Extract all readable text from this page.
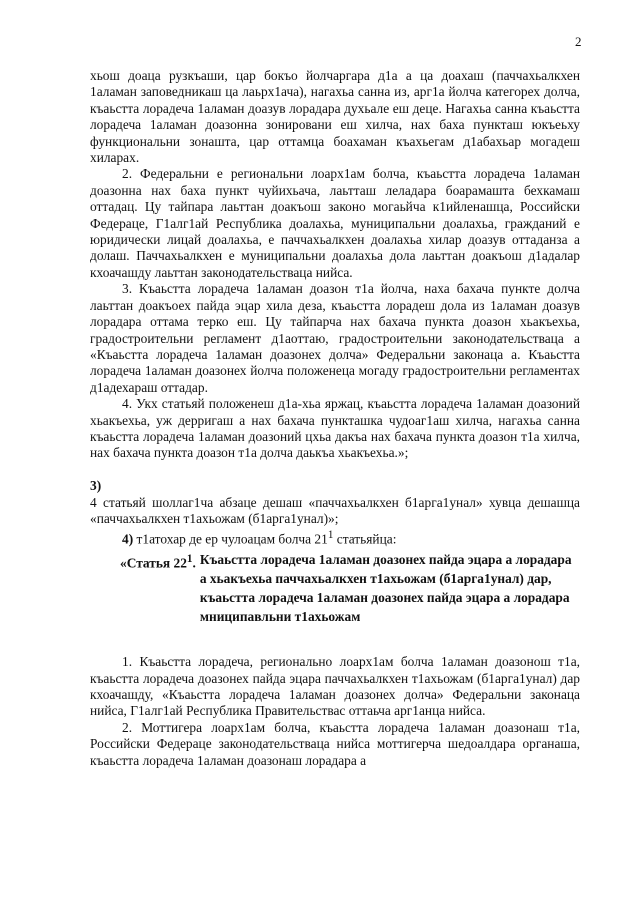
2

хьош доаца рузкъаши, цар бокъо йолчаргара д1а а ца доахаш (паччахьалкхен 1аламан заповедникаш ца лаьрх1ача), нагахьа санна из, арг1а йолча категорех долча, къаьстта лорадеча 1аламан доазув лорадара духьале еш деце. Нагахьа санна къаьстта лорадеча 1аламан доазонна зонировани еш хилча, нах баха пункташ юкъеьху функциональни зонашта, цар оттамца боахаман къахьегам д1абахьар могадеш хиларах.

2. Федеральни е региональни лоарх1ам болча, къаьстта лорадеча 1аламан доазонна нах баха пункт чуйихьача, лаьтташ леладара боарамашта бехкамаш оттадац. Цу тайпара лаьттан доакъош законо могаьйча к1ийленашца, Российски Федераце, Г1алг1ай Республика доалахьа, муниципальни доалахьа, гражданий е юридически лицай доалахьа, е паччахьалкхен доалахьа хилар доазув оттаданза а долаш. Паччахьалкхен е муниципальни доалахьа дола лаьттан доакъош д1адалар кхоачашду лаьттан законодательстваца нийса.

3. Къаьстта лорадеча 1аламан доазон т1а йолча, наха бахача пункте долча лаьттан доакъоех пайда эцар хила деза, къаьстта лорадеш дола из 1аламан доазув лорадара оттама терко еш. Цу тайпарча нах бахача пункта доазон хьакъехьа, градостроительни регламент д1аоттаю, градостроительни законодательстваца а «Къаьстта лорадеча 1аламан доазонех долча» Федеральни законаца а. Къаьстта лорадеча 1аламан доазонех йолча положенеца могаду градостроительни регламентах д1адехараш оттадар.

4. Укх статьяй положенеш д1а-хьа яржац, къаьстта лорадеча 1аламан доазоний хьакъехьа, уж дерригаш а нах бахача пункташка чудоаг1аш хилча, нагахьа санна къаьстта лорадеча 1аламан доазоний цхьа дакъа нах бахача пункта доазон т1а хилча, нах бахача пункта доазон т1а долча даькъа хьакъехьа.»;

3)
4 статьяй шоллаг1ча абзаце дешаш «паччахьалкхен б1арга1унал» хувца дешашца «паччахьалкхен т1ахьожам (б1арга1унал)»;

4) т1атохар де ер чулоацам болча $21^1$ статьяйца:

«Статья $22^1$. Къаьстта лорадеча 1аламан доазонех пайда эцара а лорадара а хьакъехьа паччахьалкхен т1ахьожам (б1арга1унал) дар, къаьстта лорадеча 1аламан доазонех пайда эцара а лорадара мниципавльни т1ахьожам

1. Къаьстта лорадеча, регионально лоарх1ам болча 1аламан доазонош т1а, къаьстта лорадеча доазонех пайда эцара паччахьалкхен т1ахьожам (б1арга1унал) дар кхоачашду, «Къаьстта лорадеча 1аламан доазонех долча» Федеральни законаца нийса, Г1алг1ай Республика Правительствас оттаьча арг1анца нийса.

2. Моттигера лоарх1ам болча, къаьстта лорадеча 1аламан доазонаш т1а, Российски Федераце законодательстваца нийса моттигерча шедоалдара органаша, къаьстта лорадеча 1аламан доазонаш лорадара а
